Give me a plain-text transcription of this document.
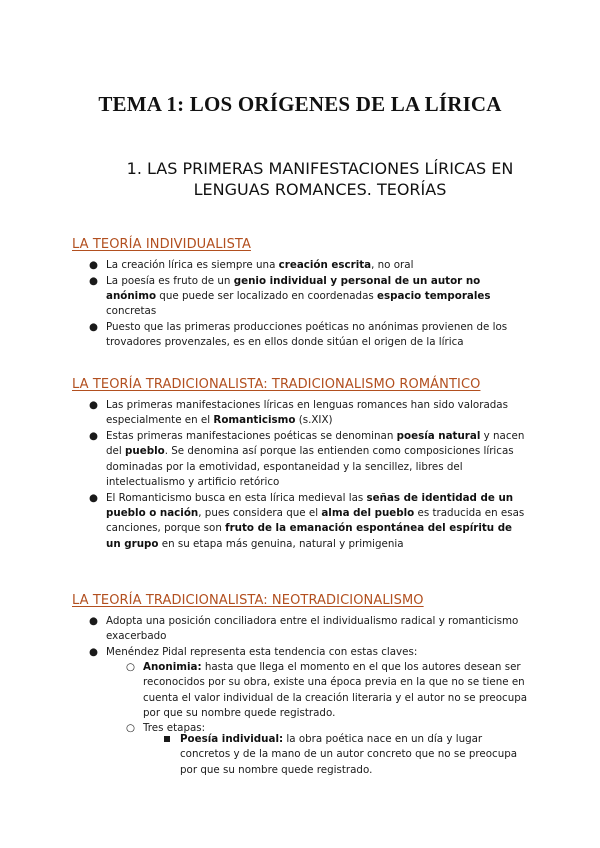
TEMA 1: LOS ORÍGENES DE LA LÍRICA
1. LAS PRIMERAS MANIFESTACIONES LÍRICAS EN
LENGUAS ROMANCES. TEORÍAS
LA TEORÍA INDIVIDUALISTA
● La creación lírica es siempre una creación escrita, no oral
● La poesía es fruto de un genio individual y personal de un autor no anónimo que puede ser localizado en coordenadas espacio temporales concretas
● Puesto que las primeras producciones poéticas no anónimas provienen de los trovadores provenzales, es en ellos donde sitúan el origen de la lírica
LA TEORÍA TRADICIONALISTA: TRADICIONALISMO ROMÁNTICO
● Las primeras manifestaciones líricas en lenguas romances han sido valoradas especialmente en el Romanticismo (s.XIX)
● Estas primeras manifestaciones poéticas se denominan poesía natural y nacen del pueblo. Se denomina así porque las entienden como composiciones líricas dominadas por la emotividad, espontaneidad y la sencillez, libres del intelectualismo y artificio retórico
● El Romanticismo busca en esta lírica medieval las señas de identidad de un pueblo o nación, pues considera que el alma del pueblo es traducida en esas canciones, porque son fruto de la emanación espontánea del espíritu de un grupo en su etapa más genuina, natural y primigenia
LA TEORÍA TRADICIONALISTA: NEOTRADICIONALISMO
● Adopta una posición conciliadora entre el individualismo radical y romanticismo exacerbado
● Menéndez Pidal representa esta tendencia con estas claves:
○ Anonimia: hasta que llega el momento en el que los autores desean ser reconocidos por su obra, existe una época previa en la que no se tiene en cuenta el valor individual de la creación literaria y el autor no se preocupa por que su nombre quede registrado.
○ Tres etapas:
Poesía individual: la obra poética nace en un día y lugar concretos y de la mano de un autor concreto que no se preocupa por que su nombre quede registrado.
